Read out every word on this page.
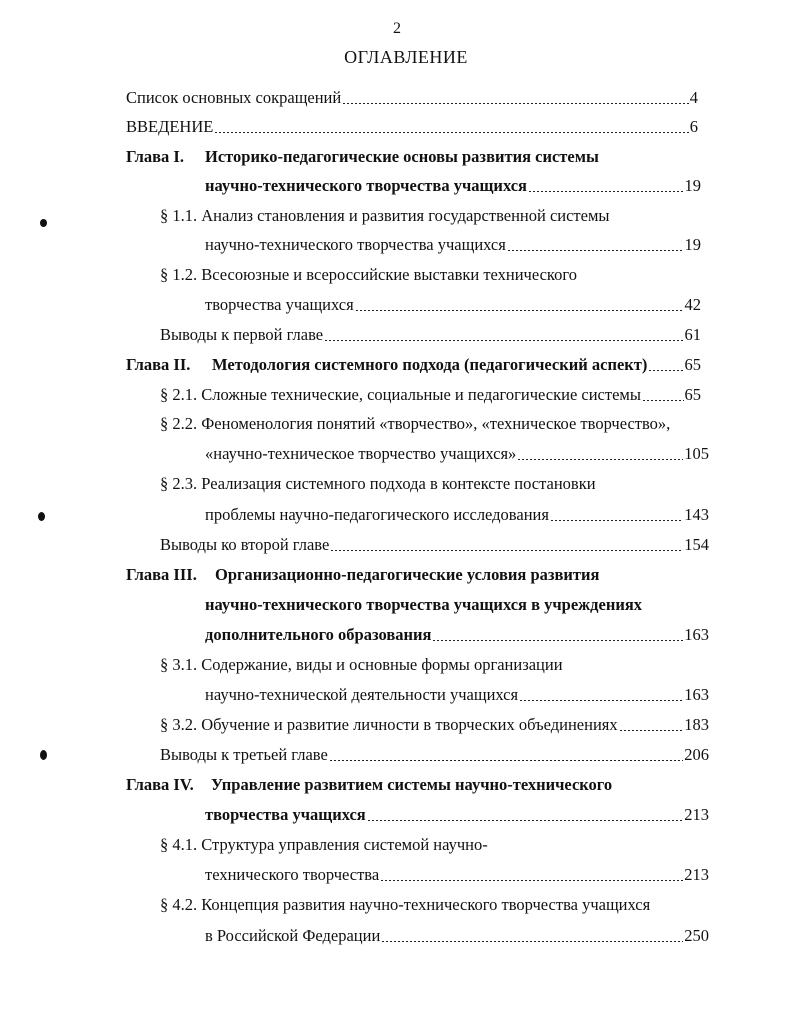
2
ОГЛАВЛЕНИЕ
Список основных сокращений	4
ВВЕДЕНИЕ	6
Глава I. Историко-педагогические основы развития системы
научно-технического творчества учащихся	19
§ 1.1. Анализ становления и развития государственной системы
научно-технического творчества учащихся	19
§ 1.2. Всесоюзные и всероссийские выставки технического
творчества учащихся	42
Выводы к первой главе	61
Глава II. Методология системного подхода (педагогический аспект) 65
§ 2.1. Сложные технические, социальные и педагогические системы	65
§ 2.2. Феноменология понятий «творчество», «техническое творчество»,
«научно-техническое творчество учащихся»	105
§ 2.3. Реализация системного подхода в контексте постановки
проблемы научно-педагогического исследования	143
Выводы ко второй главе	154
Глава III. Организационно-педагогические условия развития
научно-технического творчества учащихся в учреждениях
дополнительного образования	163
§ 3.1. Содержание, виды и основные формы организации
научно-технической деятельности учащихся	163
§ 3.2. Обучение и развитие личности в творческих объединениях	183
Выводы к третьей главе	206
Глава IV. Управление развитием системы научно-технического
творчества учащихся	213
§ 4.1. Структура управления системой научно-
технического творчества	213
§ 4.2. Концепция развития научно-технического творчества учащихся
в Российской Федерации	250
